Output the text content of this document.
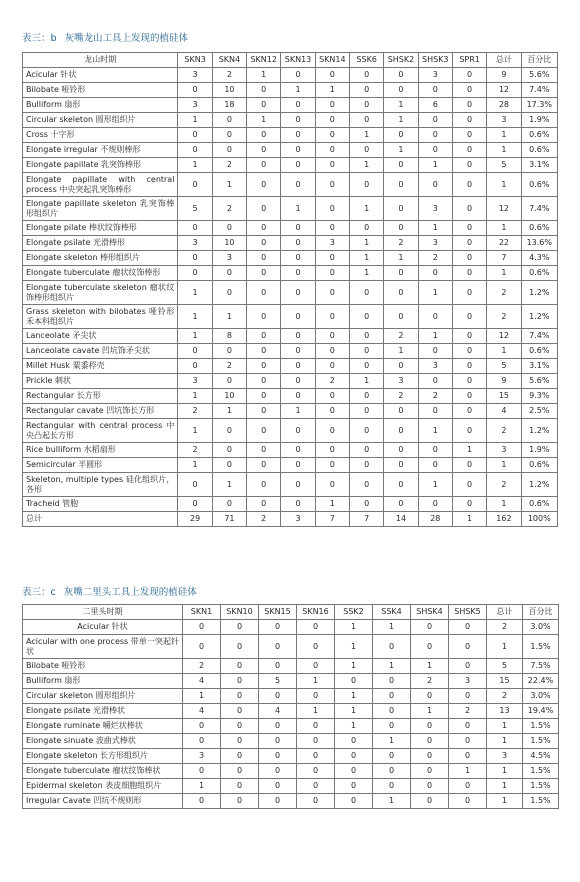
表三：b 灰嘴龙山工具上发现的植硅体
龙山时期	SKN3	SKN4	SKN12	SKN13	SKN14	SSK6	SHSK2	SHSK3	SPR1	总计	百分比
Acicular 针状	3	2	1	0	0	0	0	3	0	9	5.6%
Bilobate 哑铃形	0	10	0	1	1	0	0	0	0	12	7.4%
Bulliform 扇形	3	18	0	0	0	0	1	6	0	28	17.3%
Circular skeleton 圆形组织片	1	0	1	0	0	0	1	0	0	3	1.9%
Cross 十字形	0	0	0	0	0	1	0	0	0	1	0.6%
Elongate irregular 不规则棒形	0	0	0	0	0	0	1	0	0	1	0.6%
Elongate papillate 乳突饰棒形	1	2	0	0	0	1	0	1	0	5	3.1%
Elongate papillate with central process 中央突起乳突饰棒形	0	1	0	0	0	0	0	0	0	1	0.6%
Elongate papillate skeleton 乳突饰棒形组织片	5	2	0	1	0	1	0	3	0	12	7.4%
Elongate pilate 棒状纹饰棒形	0	0	0	0	0	0	0	1	0	1	0.6%
Elongate psilate 光滑棒形	3	10	0	0	3	1	2	3	0	22	13.6%
Elongate skeleton 棒形组织片	0	3	0	0	0	1	1	2	0	7	4.3%
Elongate tuberculate 瘤状纹饰棒形	0	0	0	0	0	1	0	0	0	1	0.6%
Elongate tuberculate skeleton 瘤状纹饰棒形组织片	1	0	0	0	0	0	0	1	0	2	1.2%
Grass skeleton with bilobates 哑铃形禾本科组织片	1	1	0	0	0	0	0	0	0	2	1.2%
Lanceolate 矛尖状	1	8	0	0	0	0	2	1	0	12	7.4%
Lanceolate cavate 凹坑饰矛尖状	0	0	0	0	0	0	1	0	0	1	0.6%
Millet Husk 粟黍稃壳	0	2	0	0	0	0	0	3	0	5	3.1%
Prickle 刺状	3	0	0	0	2	1	3	0	0	9	5.6%
Rectangular 长方形	1	10	0	0	0	0	2	2	0	15	9.3%
Rectangular cavate 凹坑饰长方形	2	1	0	1	0	0	0	0	0	4	2.5%
Rectangular with central process 中央凸起长方形	1	0	0	0	0	0	0	1	0	2	1.2%
Rice bulliform 水稻扇形	2	0	0	0	0	0	0	0	1	3	1.9%
Semicircular 半圆形	1	0	0	0	0	0	0	0	0	1	0.6%
Skeleton, multiple types 硅化组织片，各形	0	1	0	0	0	0	0	1	0	2	1.2%
Tracheid 管胞	0	0	0	0	1	0	0	0	0	1	0.6%
总计	29	71	2	3	7	7	14	28	1	162	100%
表三：c 灰嘴二里头工具上发现的植硅体
二里头时期	SKN1	SKN10	SKN15	SKN16	SSK2	SSK4	SHSK4	SHSK5	总计	百分比
Acicular 针状	0	0	0	0	1	1	0	0	2	3.0%
Acicular with one process 带单一突起针状	0	0	0	0	1	0	0	0	1	1.5%
Bilobate 哑铃形	2	0	0	0	1	1	1	0	5	7.5%
Bulliform 扇形	4	0	5	1	0	0	2	3	15	22.4%
Circular skeleton 圆形组织片	1	0	0	0	1	0	0	0	2	3.0%
Elongate psilate 光滑棒状	4	0	4	1	1	0	1	2	13	19.4%
Elongate ruminate 嚼烂状棒状	0	0	0	0	1	0	0	0	1	1.5%
Elongate sinuate 波曲式棒状	0	0	0	0	0	1	0	0	1	1.5%
Elongate skeleton 长方形组织片	3	0	0	0	0	0	0	0	3	4.5%
Elongate tuberculate 瘤状纹饰棒状	0	0	0	0	0	0	0	1	1	1.5%
Epidermal skeleton 表皮细胞组织片	1	0	0	0	0	0	0	0	1	1.5%
Irregular Cavate 凹坑不规则形	0	0	0	0	0	1	0	0	1	1.5%
